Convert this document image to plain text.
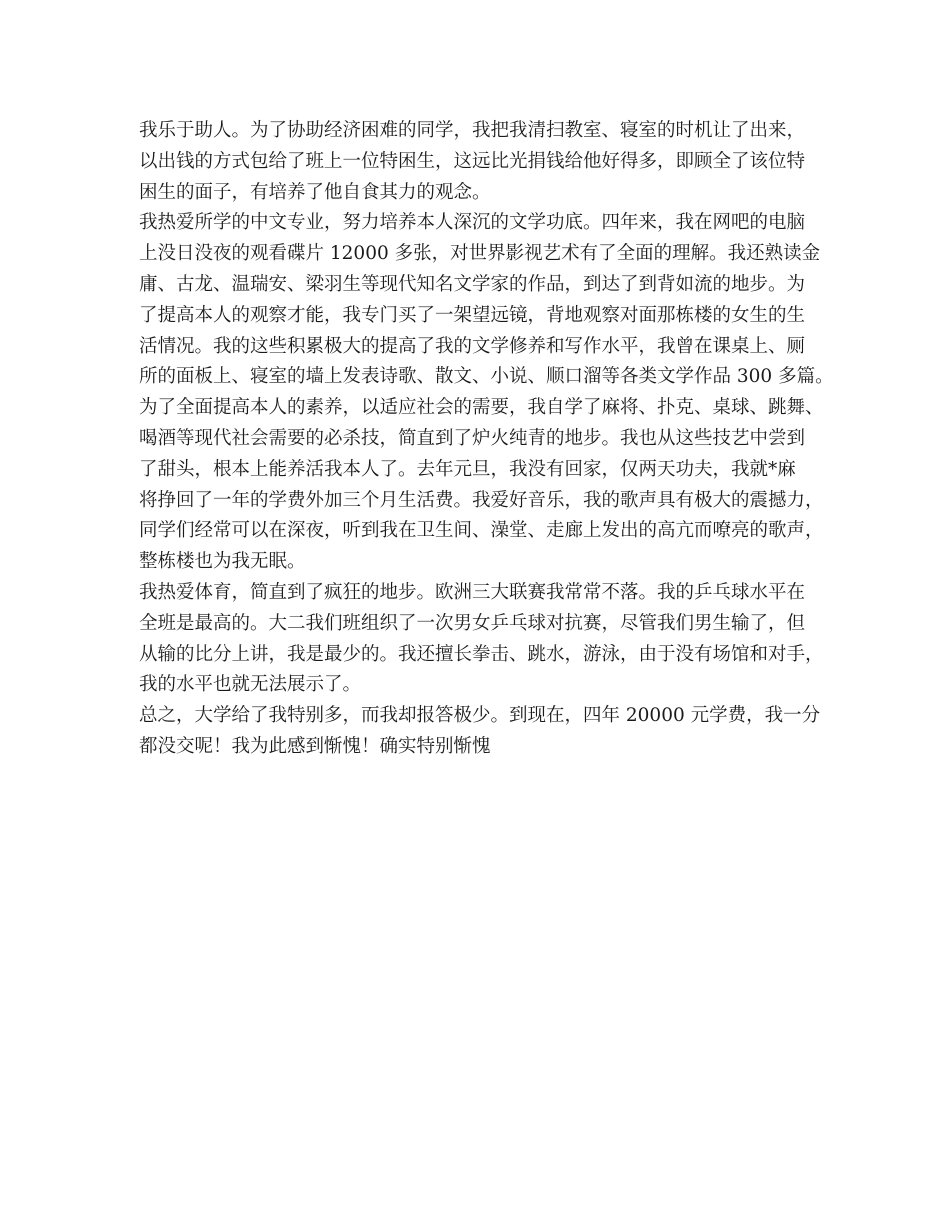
我乐于助人。为了协助经济困难的同学，我把我清扫教室、寝室的时机让了出来，
以出钱的方式包给了班上一位特困生，这远比光捐钱给他好得多，即顾全了该位特
困生的面子，有培养了他自食其力的观念。
我热爱所学的中文专业，努力培养本人深沉的文学功底。四年来，我在网吧的电脑
上没日没夜的观看碟片 12000 多张，对世界影视艺术有了全面的理解。我还熟读金
庸、古龙、温瑞安、梁羽生等现代知名文学家的作品，到达了到背如流的地步。为
了提高本人的观察才能，我专门买了一架望远镜，背地观察对面那栋楼的女生的生
活情况。我的这些积累极大的提高了我的文学修养和写作水平，我曾在课桌上、厕
所的面板上、寝室的墙上发表诗歌、散文、小说、顺口溜等各类文学作品 300 多篇。
为了全面提高本人的素养，以适应社会的需要，我自学了麻将、扑克、桌球、跳舞、
喝酒等现代社会需要的必杀技，简直到了炉火纯青的地步。我也从这些技艺中尝到
了甜头，根本上能养活我本人了。去年元旦，我没有回家，仅两天功夫，我就*麻
将挣回了一年的学费外加三个月生活费。我爱好音乐，我的歌声具有极大的震撼力，
同学们经常可以在深夜，听到我在卫生间、澡堂、走廊上发出的高亢而嘹亮的歌声，
整栋楼也为我无眠。
我热爱体育，简直到了疯狂的地步。欧洲三大联赛我常常不落。我的乒乓球水平在
全班是最高的。大二我们班组织了一次男女乒乓球对抗赛，尽管我们男生输了，但
从输的比分上讲，我是最少的。我还擅长拳击、跳水，游泳，由于没有场馆和对手，
我的水平也就无法展示了。
总之，大学给了我特别多，而我却报答极少。到现在，四年 20000 元学费，我一分
都没交呢！我为此感到惭愧！确实特别惭愧
